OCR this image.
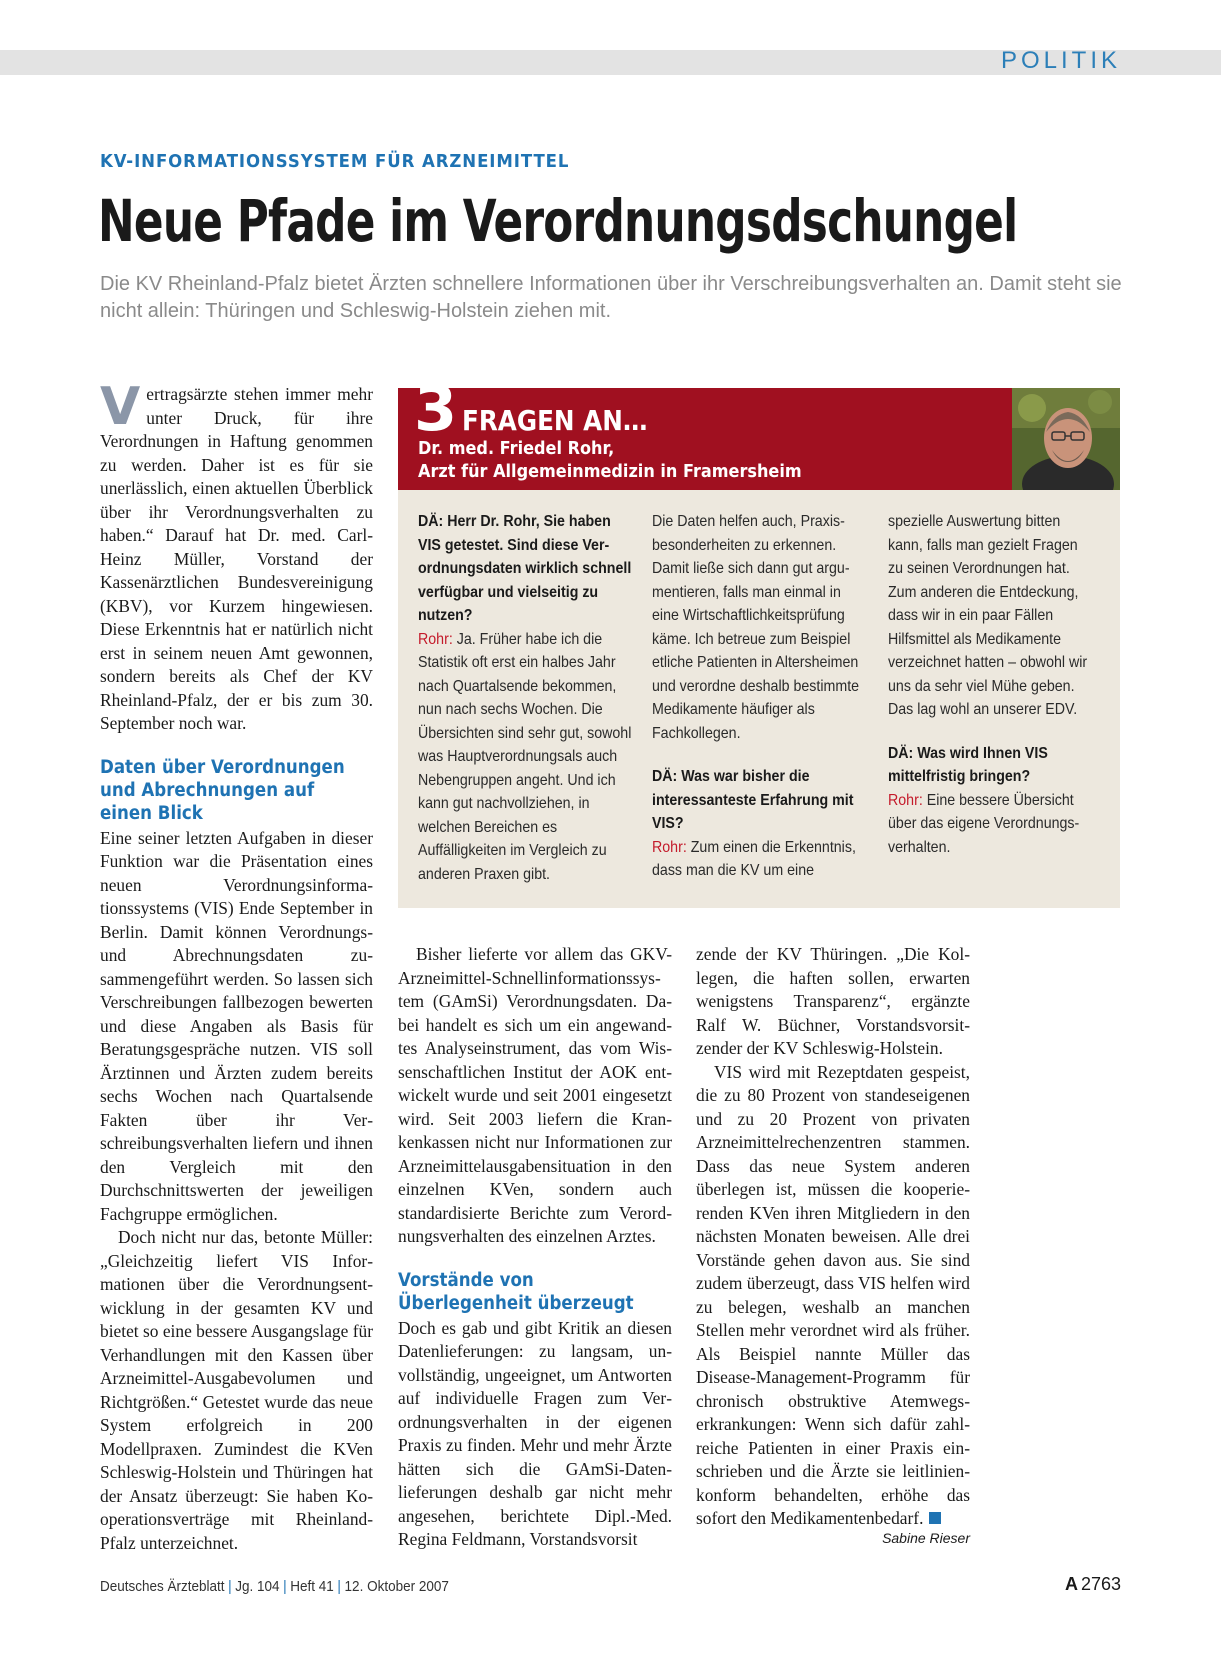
POLITIK
KV-INFORMATIONSSYSTEM FÜR ARZNEIMITTEL
Neue Pfade im Verordnungsdschungel
Die KV Rheinland-Pfalz bietet Ärzten schnellere Informationen über ihr Verschreibungsverhalten an. Damit steht sie nicht allein: Thüringen und Schleswig-Holstein ziehen mit.

Vertragsärzte stehen immer mehr unter Druck, für ihre Verordnungen in Haftung genommen zu werden. Daher ist es für sie unerlässlich, einen aktuellen Überblick über ihr Verordnungsverhalten zu haben.“ Darauf hat Dr. med. Carl-Heinz Müller, Vorstand der Kassenärztlichen Bundesvereinigung (KBV), vor Kurzem hingewiesen. Diese Erkenntnis hat er natürlich nicht erst in seinem neuen Amt gewonnen, sondern bereits als Chef der KV Rheinland-Pfalz, der er bis zum 30. September noch war.

Daten über Verordnungen und Abrechnungen auf einen Blick

Eine seiner letzten Aufgaben in dieser Funktion war die Präsentation eines neuen Verordnungsinformationssystems (VIS) Ende September in Berlin. Damit können Verordnungs- und Abrechnungsdaten zusammengeführt werden. So lassen sich Verschreibungen fallbezogen bewerten und diese Angaben als Basis für Beratungsgespräche nutzen. VIS soll Ärztinnen und Ärzten zudem bereits sechs Wochen nach Quartalsende Fakten über ihr Verschreibungsverhalten liefern und ihnen den Vergleich mit den Durchschnittswerten der jeweiligen Fachgruppe ermöglichen.

Doch nicht nur das, betonte Müller: „Gleichzeitig liefert VIS Informationen über die Verordnungsentwicklung in der gesamten KV und bietet so eine bessere Ausgangslage für Verhandlungen mit den Kassen über Arzneimittel-Ausgabevolumen und Richtgrößen.“ Getestet wurde das neue System erfolgreich in 200 Modellpraxen. Zumindest die KVen Schleswig-Holstein und Thüringen hat der Ansatz überzeugt: Sie haben Kooperationsverträge mit Rheinland-Pfalz unterzeichnet.

3 FRAGEN AN…
Dr. med. Friedel Rohr,
Arzt für Allgemeinmedizin in Framersheim

DÄ: Herr Dr. Rohr, Sie haben VIS getestet. Sind diese Verordnungsdaten wirklich schnell verfügbar und vielseitig zu nutzen?

Rohr: Ja. Früher habe ich die Statistik oft erst ein halbes Jahr nach Quartalsende bekommen, nun nach sechs Wochen. Die Übersichten sind sehr gut, sowohl was Hauptverordnungsals auch Nebengruppen angeht. Und ich kann gut nachvollziehen, in welchen Bereichen es Auffälligkeiten im Vergleich zu anderen Praxen gibt.

Die Daten helfen auch, Praxisbesonderheiten zu erkennen. Damit ließe sich dann gut argumentieren, falls man einmal in eine Wirtschaftlichkeitsprüfung käme. Ich betreue zum Beispiel etliche Patienten in Altersheimen und verordne deshalb bestimmte Medikamente häufiger als Fachkollegen.

DÄ: Was war bisher die interessanteste Erfahrung mit VIS?

Rohr: Zum einen die Erkenntnis, dass man die KV um eine

spezielle Auswertung bitten kann, falls man gezielt Fragen zu seinen Verordnungen hat. Zum anderen die Entdeckung, dass wir in ein paar Fällen Hilfsmittel als Medikamente verzeichnet hatten – obwohl wir uns da sehr viel Mühe geben. Das lag wohl an unserer EDV.

DÄ: Was wird Ihnen VIS mittelfristig bringen?

Rohr: Eine bessere Übersicht über das eigene Verordnungsverhalten.

Bisher lieferte vor allem das GKV-Arzneimittel-Schnellinformationssystem (GAmSi) Verordnungsdaten. Dabei handelt es sich um ein angewandtes Analyseinstrument, das vom Wissenschaftlichen Institut der AOK entwickelt wurde und seit 2001 eingesetzt wird. Seit 2003 liefern die Krankenkassen nicht nur Informationen zur Arzneimittelausgabensituation in den einzelnen KVen, sondern auch standardisierte Berichte zum Verordnungsverhalten des einzelnen Arztes.

Vorstände von Überlegenheit überzeugt

Doch es gab und gibt Kritik an diesen Datenlieferungen: zu langsam, unvollständig, ungeeignet, um Antworten auf individuelle Fragen zum Verordnungsverhalten in der eigenen Praxis zu finden. Mehr und mehr Ärzte hätten sich die GAmSi-Datenlieferungen deshalb gar nicht mehr angesehen, berichtete Dipl.-Med. Regina Feldmann, Vorstandsvorsit

zende der KV Thüringen. „Die Kollegen, die haften sollen, erwarten wenigstens Transparenz“, ergänzte Ralf W. Büchner, Vorstandsvorsitzender der KV Schleswig-Holstein.

VIS wird mit Rezeptdaten gespeist, die zu 80 Prozent von standeseigenen und zu 20 Prozent von privaten Arzneimittelrechenzentren stammen. Dass das neue System anderen überlegen ist, müssen die kooperierenden KVen ihren Mitgliedern in den nächsten Monaten beweisen. Alle drei Vorstände gehen davon aus. Sie sind zudem überzeugt, dass VIS helfen wird zu belegen, weshalb an manchen Stellen mehr verordnet wird als früher. Als Beispiel nannte Müller das Disease-Management-Programm für chronisch obstruktive Atemwegserkrankungen: Wenn sich dafür zahlreiche Patienten in einer Praxis einschrieben und die Ärzte sie leitlinienkonform behandelten, erhöhe das sofort den Medikamentenbedarf.

Sabine Rieser
Deutsches Ärzteblatt | Jg. 104 | Heft 41 | 12. Oktober 2007	A 2763
